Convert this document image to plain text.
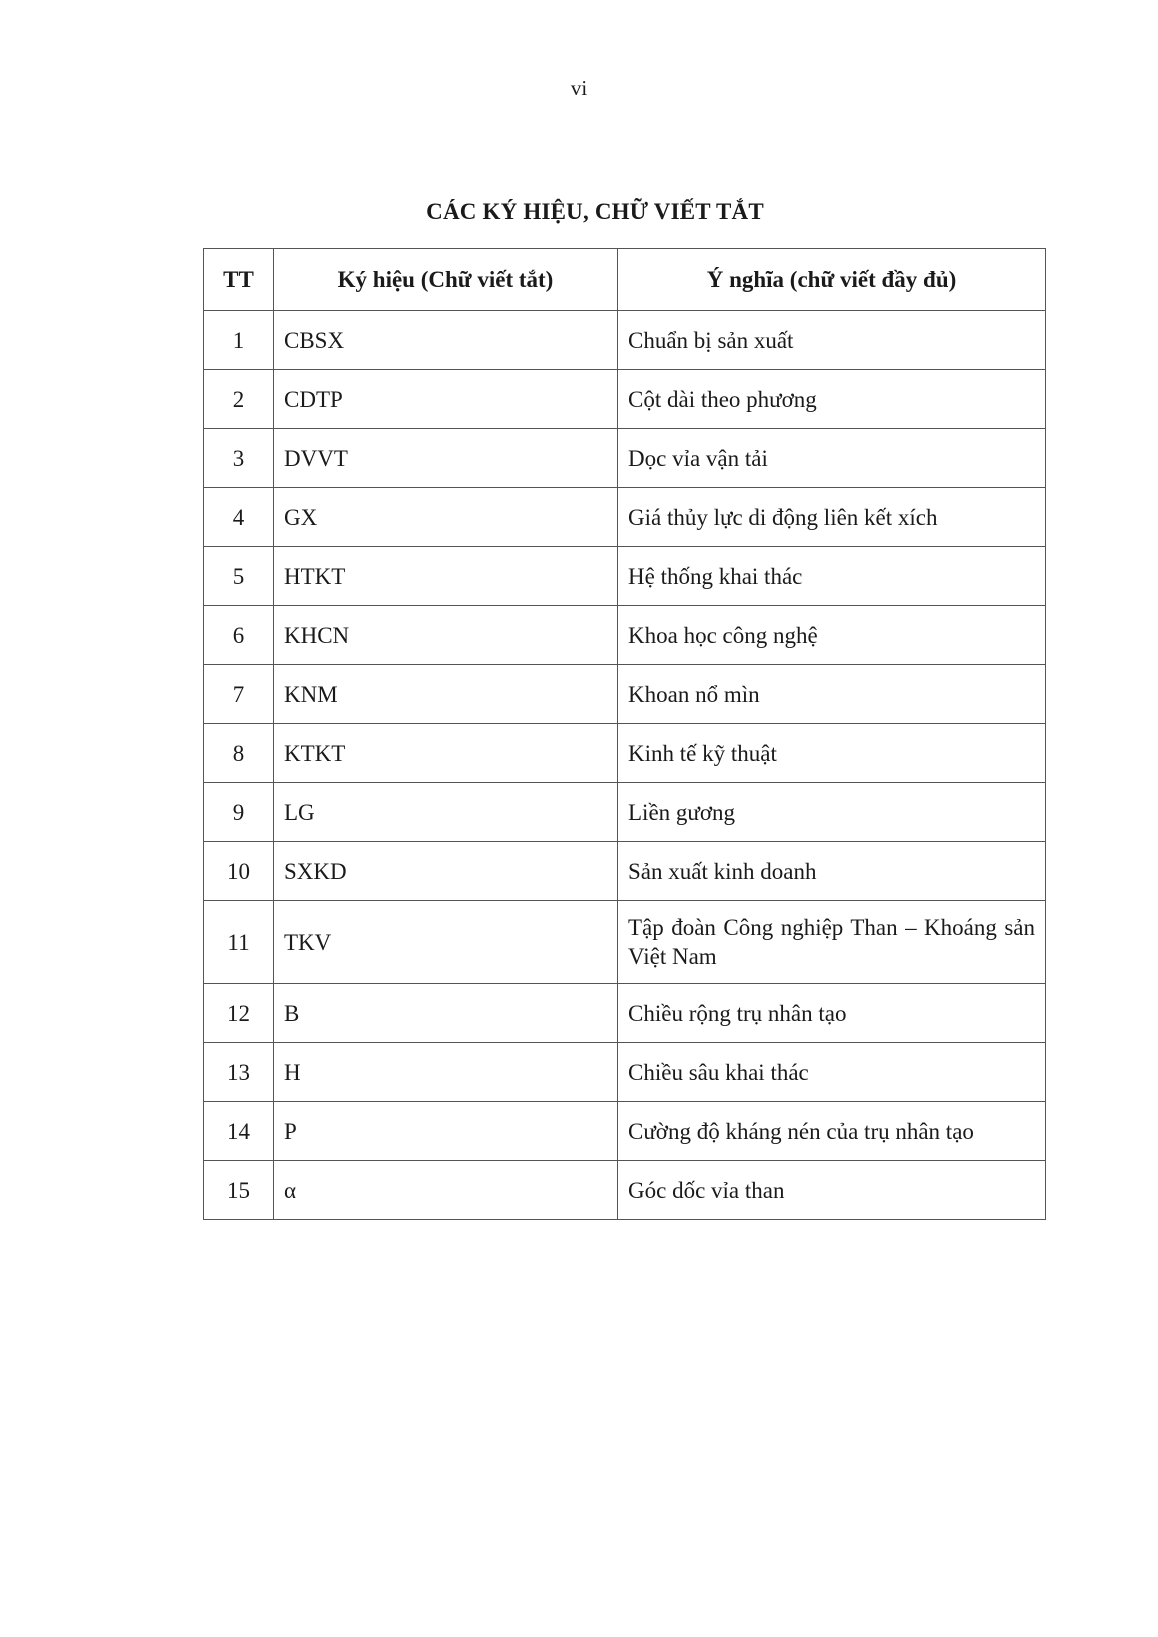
vi
CÁC KÝ HIỆU, CHỮ VIẾT TẮT
TT	Ký hiệu (Chữ viết tắt)	Ý nghĩa (chữ viết đầy đủ)
1	CBSX	Chuẩn bị sản xuất
2	CDTP	Cột dài theo phương
3	DVVT	Dọc vỉa vận tải
4	GX	Giá thủy lực di động liên kết xích
5	HTKT	Hệ thống khai thác
6	KHCN	Khoa học công nghệ
7	KNM	Khoan nổ mìn
8	KTKT	Kinh tế kỹ thuật
9	LG	Liền gương
10	SXKD	Sản xuất kinh doanh
11	TKV	Tập đoàn Công nghiệp Than – Khoáng sản Việt Nam
12	B	Chiều rộng trụ nhân tạo
13	H	Chiều sâu khai thác
14	P	Cường độ kháng nén của trụ nhân tạo
15	α	Góc dốc vỉa than
